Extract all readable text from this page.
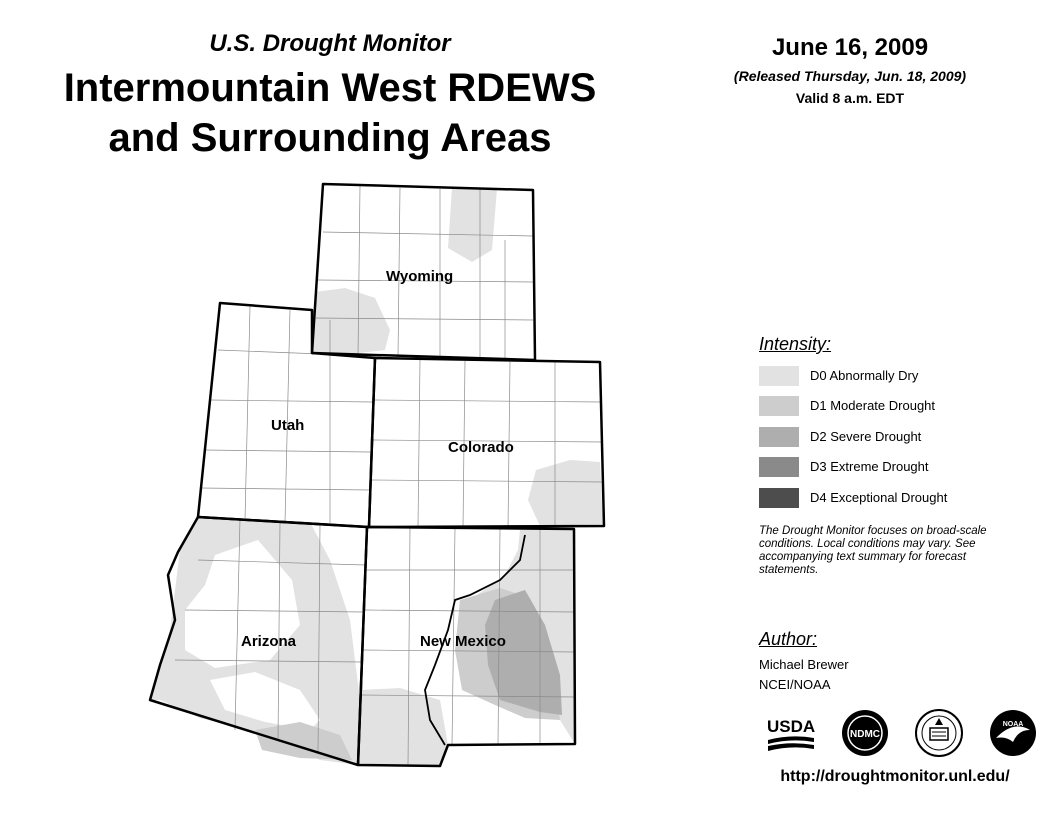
U.S. Drought Monitor
Intermountain West RDEWS
and Surrounding Areas
June 16, 2009
(Released Thursday, Jun. 18, 2009)
Valid 8 a.m. EDT
Wyoming
Utah
Colorado
Arizona	New Mexico
Intensity:
D0 Abnormally Dry
D1 Moderate Drought
D2 Severe Drought
D3 Extreme Drought
D4 Exceptional Drought
The Drought Monitor focuses on broad-scale conditions. Local conditions may vary. See accompanying text summary for forecast statements.
Author:
Michael Brewer
NCEI/NOAA
USDA	NDMC
NOAA
http://droughtmonitor.unl.edu/
